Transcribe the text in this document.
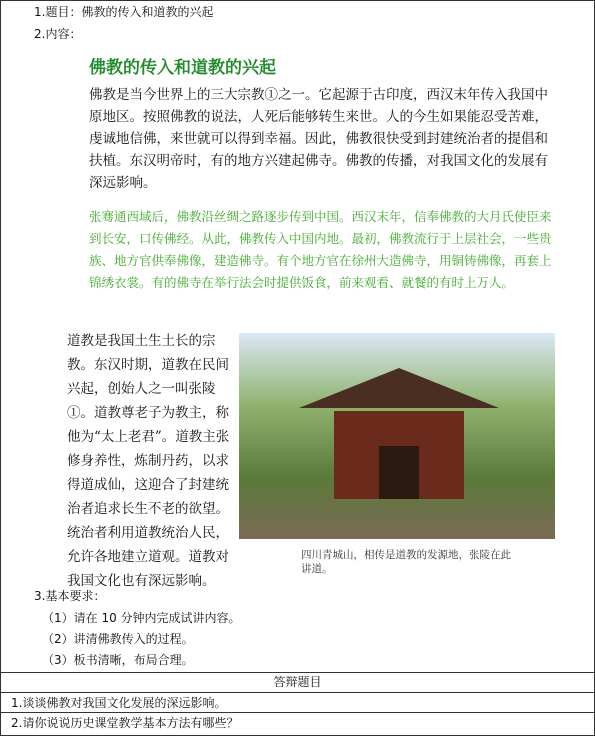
1.题目：佛教的传入和道教的兴起
2.内容：
佛教的传入和道教的兴起

佛教是当今世界上的三大宗教①之一。它起源于古印度，西汉末年传入我国中原地区。按照佛教的说法，人死后能够转生来世。人的今生如果能忍受苦难，虔诚地信佛，来世就可以得到幸福。因此，佛教很快受到封建统治者的提倡和扶植。东汉明帝时，有的地方兴建起佛寺。佛教的传播，对我国文化的发展有深远影响。

张骞通西域后，佛教沿丝绸之路逐步传到中国。西汉末年，信奉佛教的大月氏使臣来到长安，口传佛经。从此，佛教传入中国内地。最初，佛教流行于上层社会，一些贵族、地方官供奉佛像，建造佛寺。有个地方官在徐州大造佛寺，用铜铸佛像，再套上锦绣衣裳。有的佛寺在举行法会时提供饭食，前来观看、就餐的有时上万人。

道教是我国土生土长的宗教。东汉时期，道教在民间兴起，创始人之一叫张陵①。道教尊老子为教主，称他为“太上老君”。道教主张修身养性，炼制丹药，以求得道成仙，这迎合了封建统治者追求长生不老的欲望。统治者利用道教统治人民，允许各地建立道观。道教对我国文化也有深远影响。
四川青城山，相传是道教的发源地，张陵在此讲道。
3.基本要求：
（1）请在 10 分钟内完成试讲内容。
（2）讲清佛教传入的过程。
（3）板书清晰，布局合理。
答辩题目
1.谈谈佛教对我国文化发展的深远影响。
2.请你说说历史课堂教学基本方法有哪些？
